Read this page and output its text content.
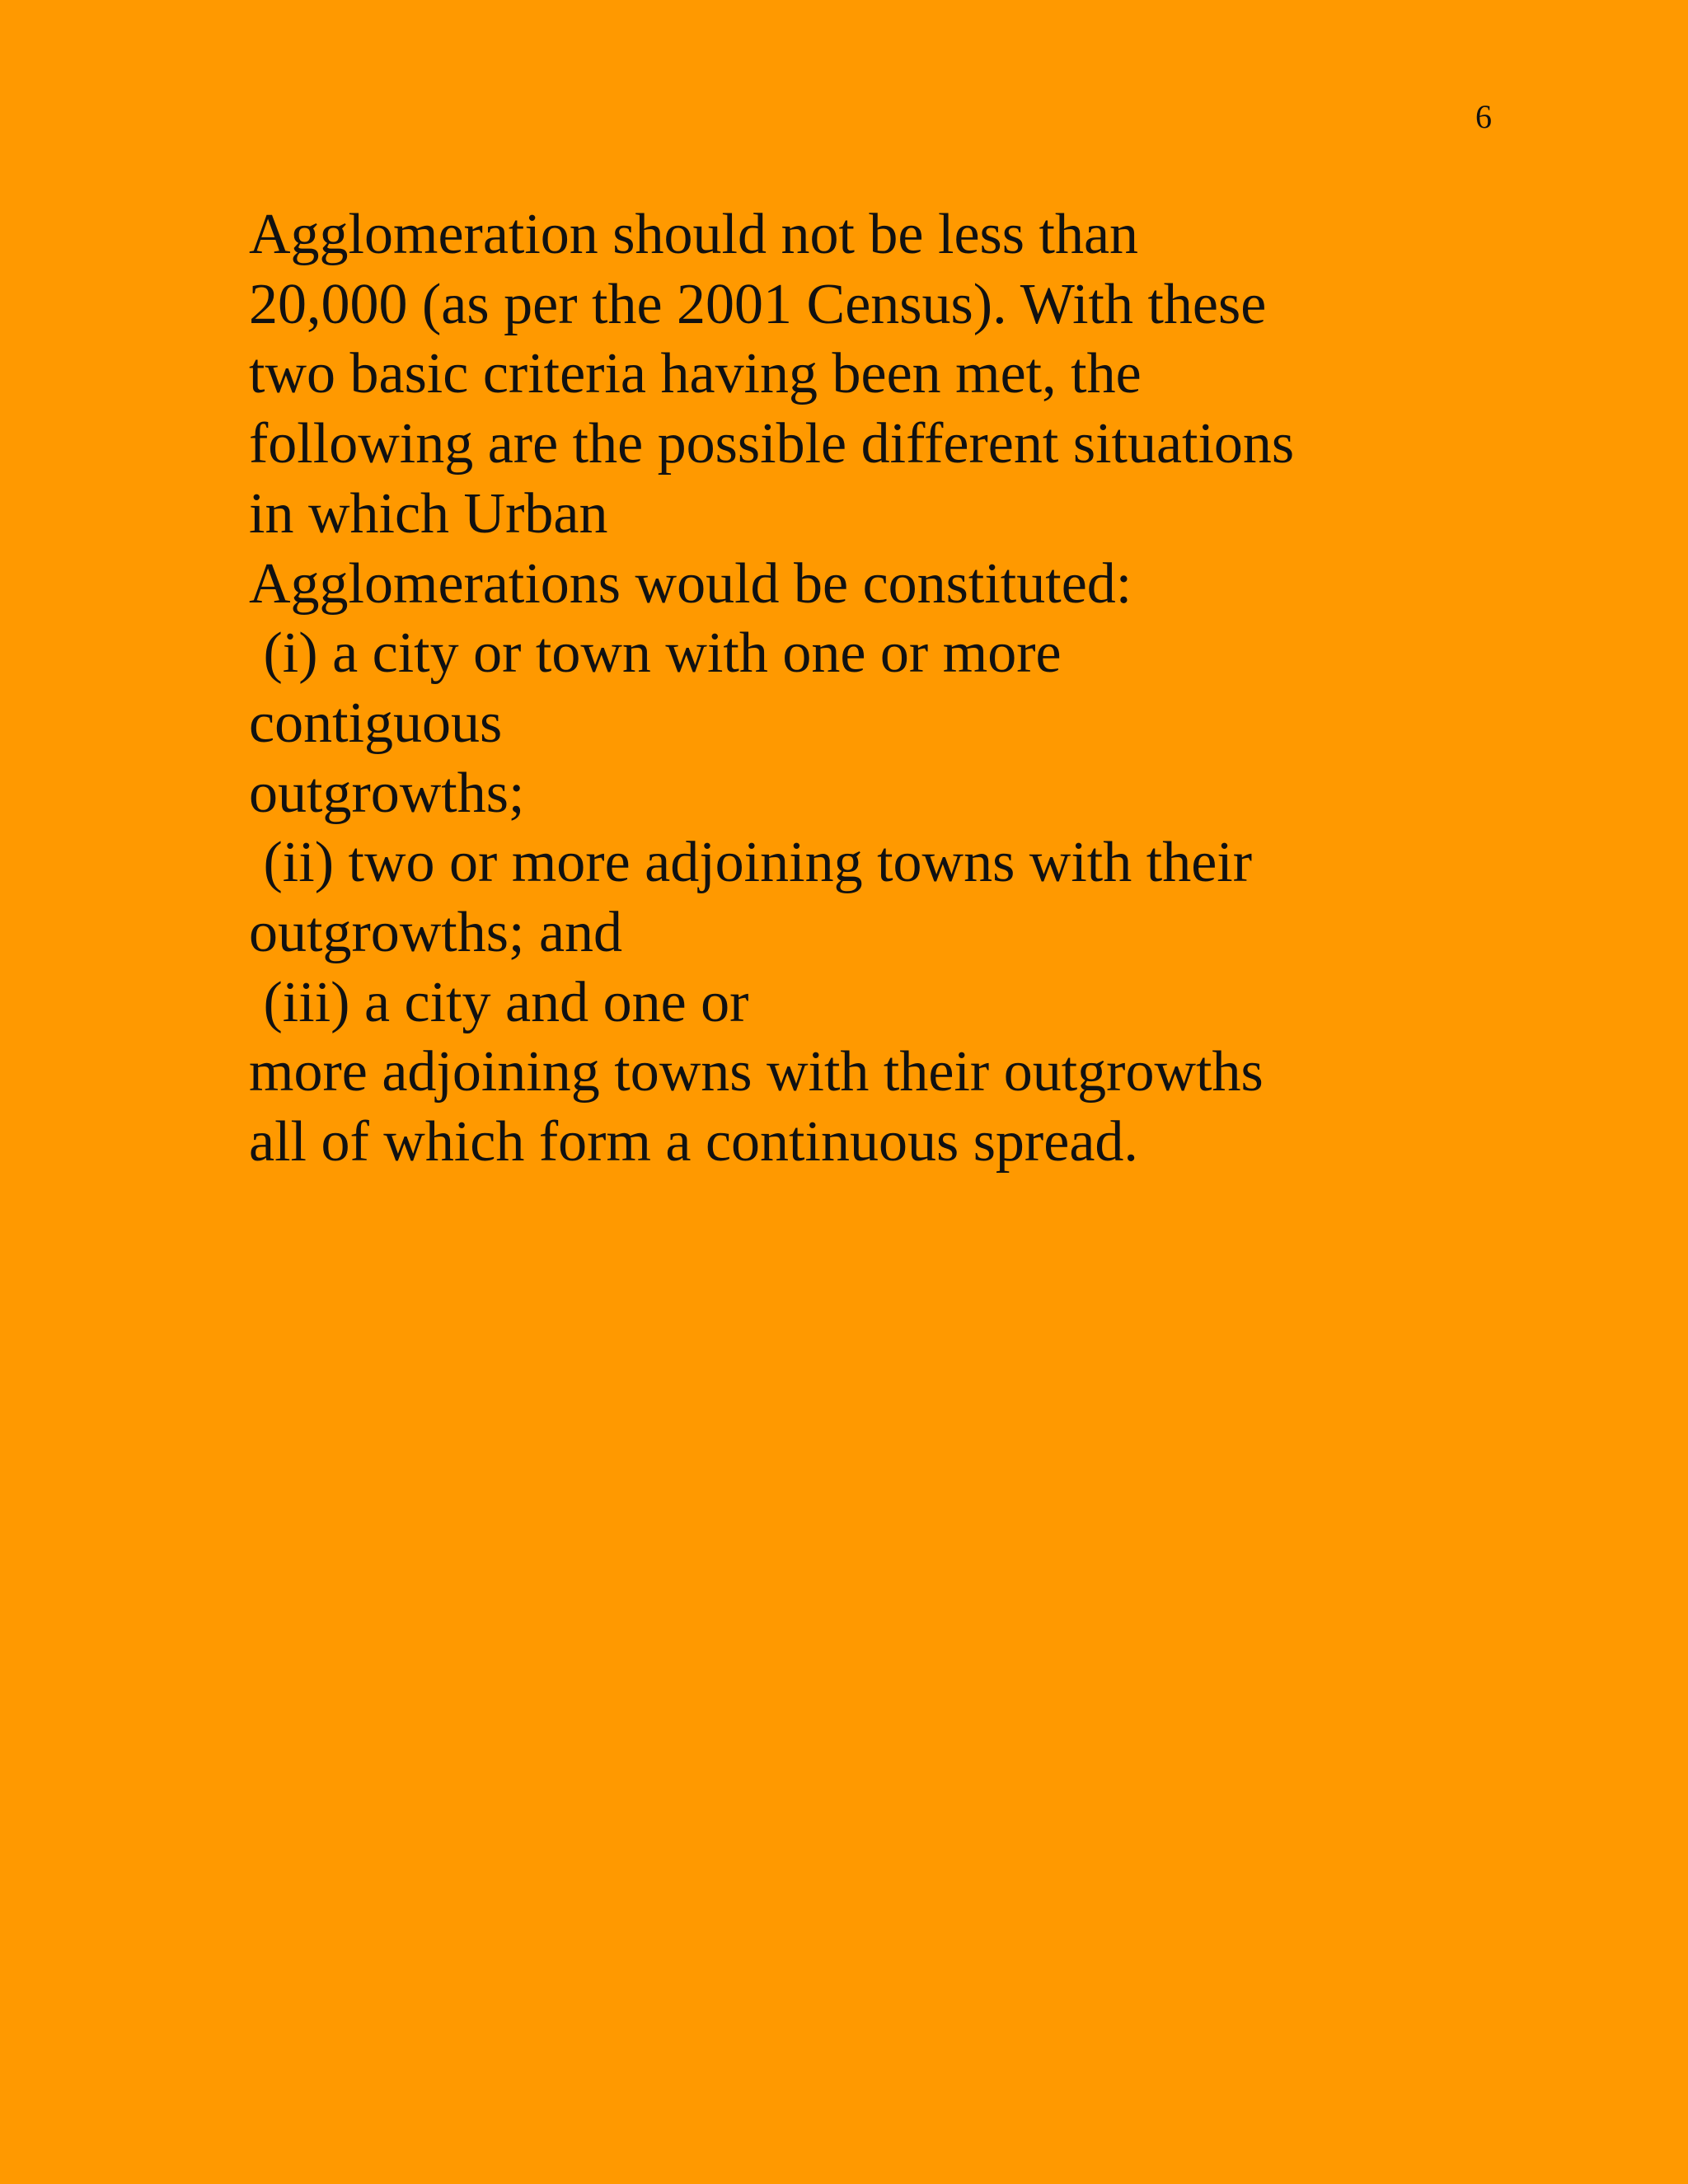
6
Agglomeration should not be less than
20,000 (as per the 2001 Census). With these
two basic criteria having been met, the
following are the possible different situations
in which Urban
Agglomerations would be constituted:
(i) a city or town with one or more
contiguous
outgrowths;
(ii) two or more adjoining towns with their
outgrowths; and
(iii) a city and one or
more adjoining towns with their outgrowths
all of which form a continuous spread.
